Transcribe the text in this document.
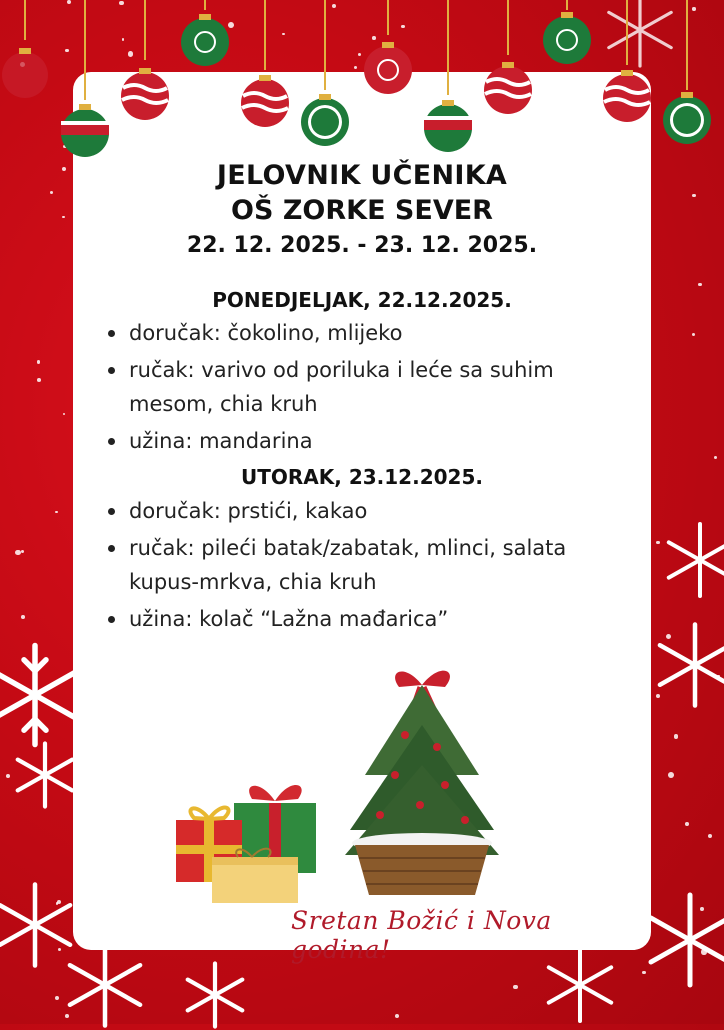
JELOVNIK UČENIKA
OŠ ZORKE SEVER
22. 12. 2025. - 23. 12. 2025.
PONEDJELJAK, 22.12.2025.
doručak: čokolino, mlijeko
ručak: varivo od poriluka i leće sa suhim mesom, chia kruh
užina: mandarina
UTORAK, 23.12.2025.
doručak: prstići, kakao
ručak: pileći batak/zabatak, mlinci, salata kupus-mrkva, chia kruh
užina: kolač “Lažna mađarica”
Sretan Božić i Nova godina!
